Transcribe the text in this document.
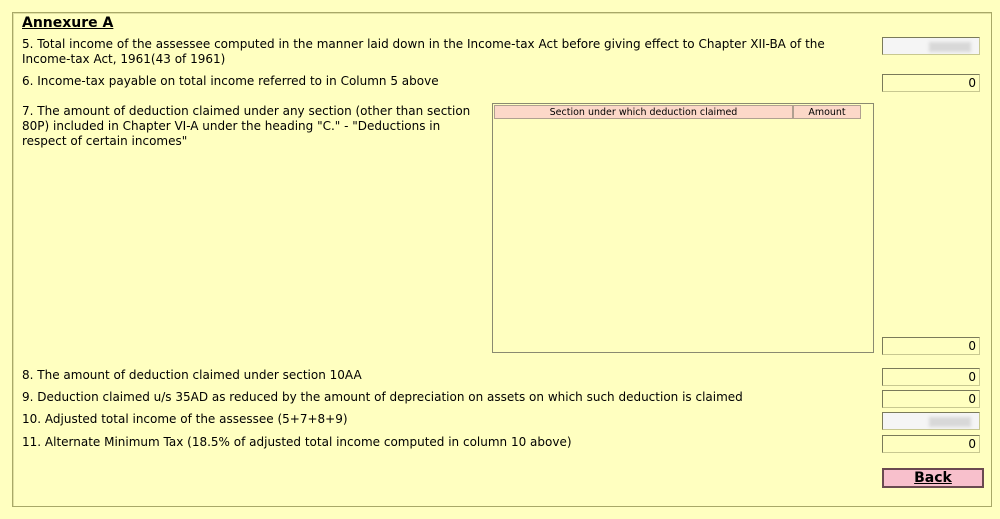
Annexure A
5. Total income of the assessee computed in the manner laid down in the Income-tax Act before giving effect to Chapter XII-BA of the Income-tax Act, 1961(43 of 1961)
6. Income-tax payable on total income referred to in Column 5 above	0
7. The amount of deduction claimed under any section (other than section 80P) included in Chapter VI-A under the heading "C." - "Deductions in respect of certain incomes"
Section under which deduction claimed	Amount
0
8. The amount of deduction claimed under section 10AA	0
9. Deduction claimed u/s 35AD as reduced by the amount of depreciation on assets on which such deduction is claimed	0
10. Adjusted total income of the assessee (5+7+8+9)
11. Alternate Minimum Tax (18.5% of adjusted total income computed in column 10 above)	0
Back
